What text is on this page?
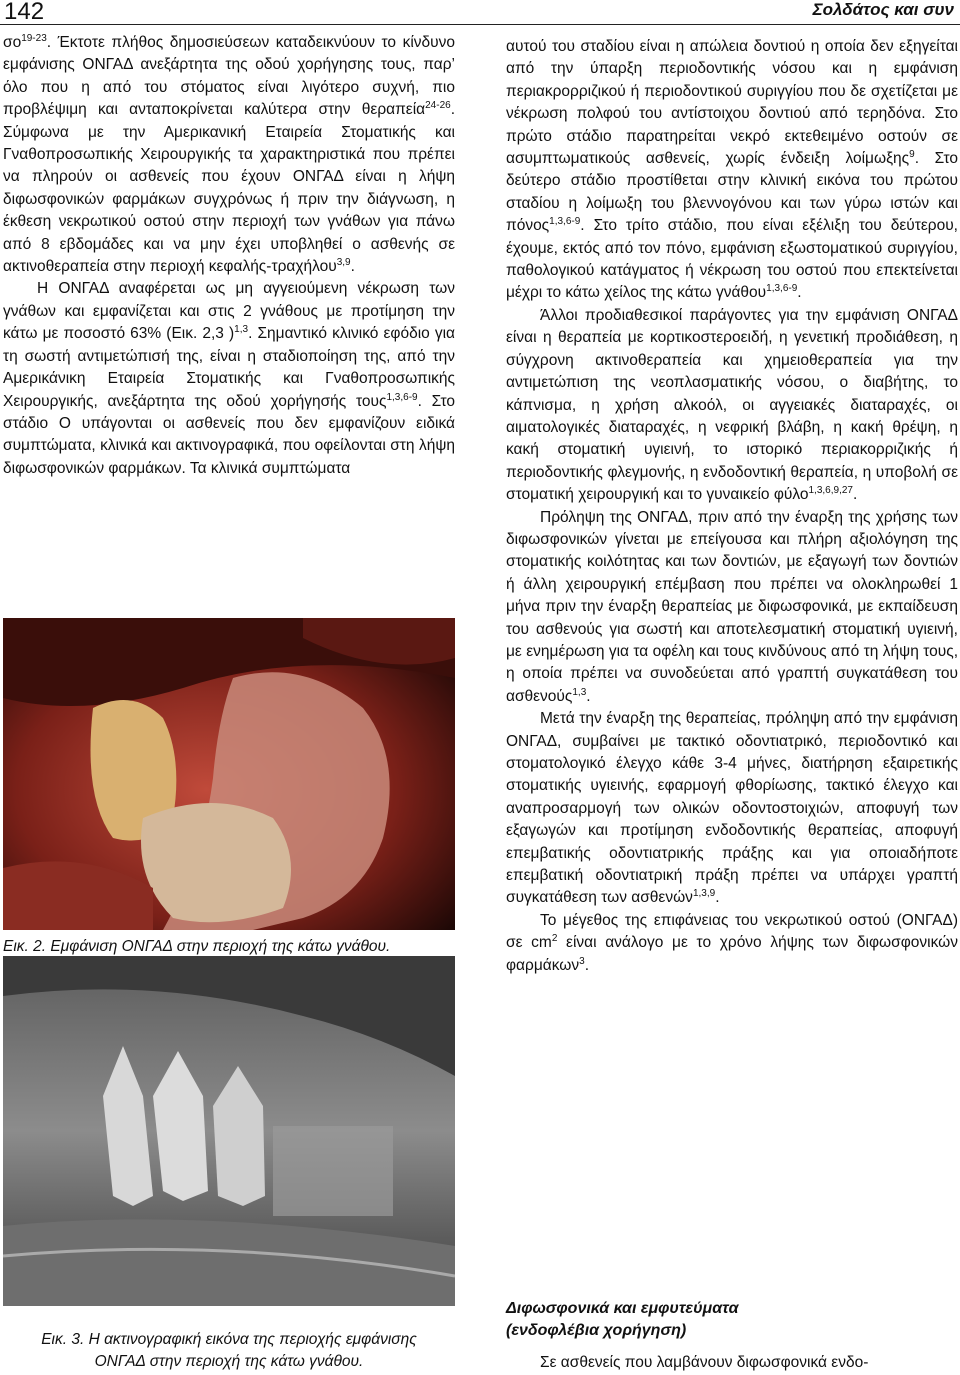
142	Σολδάτος και συν

$\sigma o^{19-23}$. Έκτοτε πλήθος δημοσιεύσεων καταδεικνύουν το κίνδυνο εμφάνισης ΟΝΓΑΔ ανεξάρτητα της οδού χορήγησης τους, παρ’ όλο που η από του στόματος είναι λιγότερο συχνή, πιο προβλέψιμη και ανταποκρίνεται καλύτερα στην θεραπεία$^{24-26}$. Σύμφωνα με την Αμερικανική Εταιρεία Στοματικής και Γναθοπροσωπικής Χειρουργικής τα χαρακτηριστικά που πρέπει να πληρούν οι ασθενείς που έχουν ΟΝΓΑΔ είναι η λήψη διφωσφονικών φαρμάκων συγχρόνως ή πριν την διάγνωση, η έκθεση νεκρωτικού οστού στην περιοχή των γνάθων για πάνω από 8 εβδομάδες και να μην έχει υποβληθεί ο ασθενής σε ακτινοθεραπεία στην περιοχή κεφαλής-τραχήλου$^{3,9}$.

Η ΟΝΓΑΔ αναφέρεται ως μη αγγειούμενη νέκρωση των γνάθων και εμφανίζεται και στις 2 γνάθους με προτίμηση την κάτω με ποσοστό 63% (Εικ. 2,3 )$^{1,3}$. Σημαντικό κλινικό εφόδιο για τη σωστή αντιμετώπισή της, είναι η σταδιοποίηση της, από την Αμερικάνικη Εταιρεία Στοματικής και Γναθοπροσωπικής Χειρουργικής, ανεξάρτητα της οδού χορήγησής τους$^{1,3,6-9}$. Στο στάδιο Ο υπάγονται οι ασθενείς που δεν εμφανίζουν ειδικά συμπτώματα, κλινικά και ακτινογραφικά, που οφείλονται στη λήψη διφωσφονικών φαρμάκων. Τα κλινικά συμπτώματα

Εικ. 2. Εμφάνιση ΟΝΓΑΔ στην περιοχή της κάτω γνάθου.
Εικ. 3. Η ακτινογραφική εικόνα της περιοχής εμφάνισης
ΟΝΓΑΔ στην περιοχή της κάτω γνάθου.

αυτού του σταδίου είναι η απώλεια δοντιού η οποία δεν εξηγείται από την ύπαρξη περιοδοντικής νόσου και η εμφάνιση περιακρορριζικού ή περιοδοντικού συριγγίου που δε σχετίζεται με νέκρωση πολφού του αντίστοιχου δοντιού από τερηδόνα. Στο πρώτο στάδιο παρατηρείται νεκρό εκτεθειμένο οστούν σε ασυμπτωματικούς ασθενείς, χωρίς ένδειξη λοίμωξης$^9$. Στο δεύτερο στάδιο προστίθεται στην κλινική εικόνα του πρώτου σταδίου η λοίμωξη του βλεννογόνου και των γύρω ιστών και πόνος$^{1,3,6-9}$. Στο τρίτο στάδιο, που είναι εξέλιξη του δεύτερου, έχουμε, εκτός από τον πόνο, εμφάνιση εξωστοματικού συριγγίου, παθολογικού κατάγματος ή νέκρωση του οστού που επεκτείνεται μέχρι το κάτω χείλος της κάτω γνάθου$^{1,3,6-9}$.

Άλλοι προδιαθεσικοί παράγοντες για την εμφάνιση ΟΝΓΑΔ είναι η θεραπεία με κορτικοστεροειδή, η γενετική προδιάθεση, η σύγχρονη ακτινοθεραπεία και χημειοθεραπεία για την αντιμετώπιση της νεοπλασματικής νόσου, ο διαβήτης, το κάπνισμα, η χρήση αλκοόλ, οι αγγειακές διαταραχές, οι αιματολογικές διαταραχές, η νεφρική βλάβη, η κακή θρέψη, η κακή στοματική υγιεινή, το ιστορικό περιακορριζικής ή περιοδοντικής φλεγμονής, η ενδοδοντική θεραπεία, η υποβολή σε στοματική χειρουργική και το γυναικείο φύλο$^{1,3,6,9,27}$.

Πρόληψη της ΟΝΓΑΔ, πριν από την έναρξη της χρήσης των διφωσφονικών γίνεται με επείγουσα και πλήρη αξιολόγηση της στοματικής κοιλότητας και των δοντιών, με εξαγωγή των δοντιών ή άλλη χειρουργική επέμβαση που πρέπει να ολοκληρωθεί 1 μήνα πριν την έναρξη θεραπείας με διφωσφονικά, με εκπαίδευση του ασθενούς για σωστή και αποτελεσματική στοματική υγιεινή, με ενημέρωση για τα οφέλη και τους κινδύνους από τη λήψη τους, η οποία πρέπει να συνοδεύεται από γραπτή συγκατάθεση του ασθενούς$^{1,3}$.

Μετά την έναρξη της θεραπείας, πρόληψη από την εμφάνιση ΟΝΓΑΔ, συμβαίνει με τακτικό οδοντιατρικό, περιοδοντικό και στοματολογικό έλεγχο κάθε 3-4 μήνες, διατήρηση εξαιρετικής στοματικής υγιεινής, εφαρμογή φθορίωσης, τακτικό έλεγχο και αναπροσαρμογή των ολικών οδοντοστοιχιών, αποφυγή των εξαγωγών και προτίμηση ενδοδοντικής θεραπείας, αποφυγή επεμβατικής οδοντιατρικής πράξης και για οποιαδήποτε επεμβατική οδοντιατρική πράξη πρέπει να υπάρχει γραπτή συγκατάθεση των ασθενών$^{1,3,9}$.

Το μέγεθος της επιφάνειας του νεκρωτικού οστού (ΟΝΓΑΔ) σε $cm^2$ είναι ανάλογο με το χρόνο λήψης των διφωσφονικών φαρμάκων$^3$.

Διφωσφονικά και εμφυτεύματα
(ενδοφλέβια χορήγηση)
Σε ασθενείς που λαμβάνουν διφωσφονικά ενδο-
